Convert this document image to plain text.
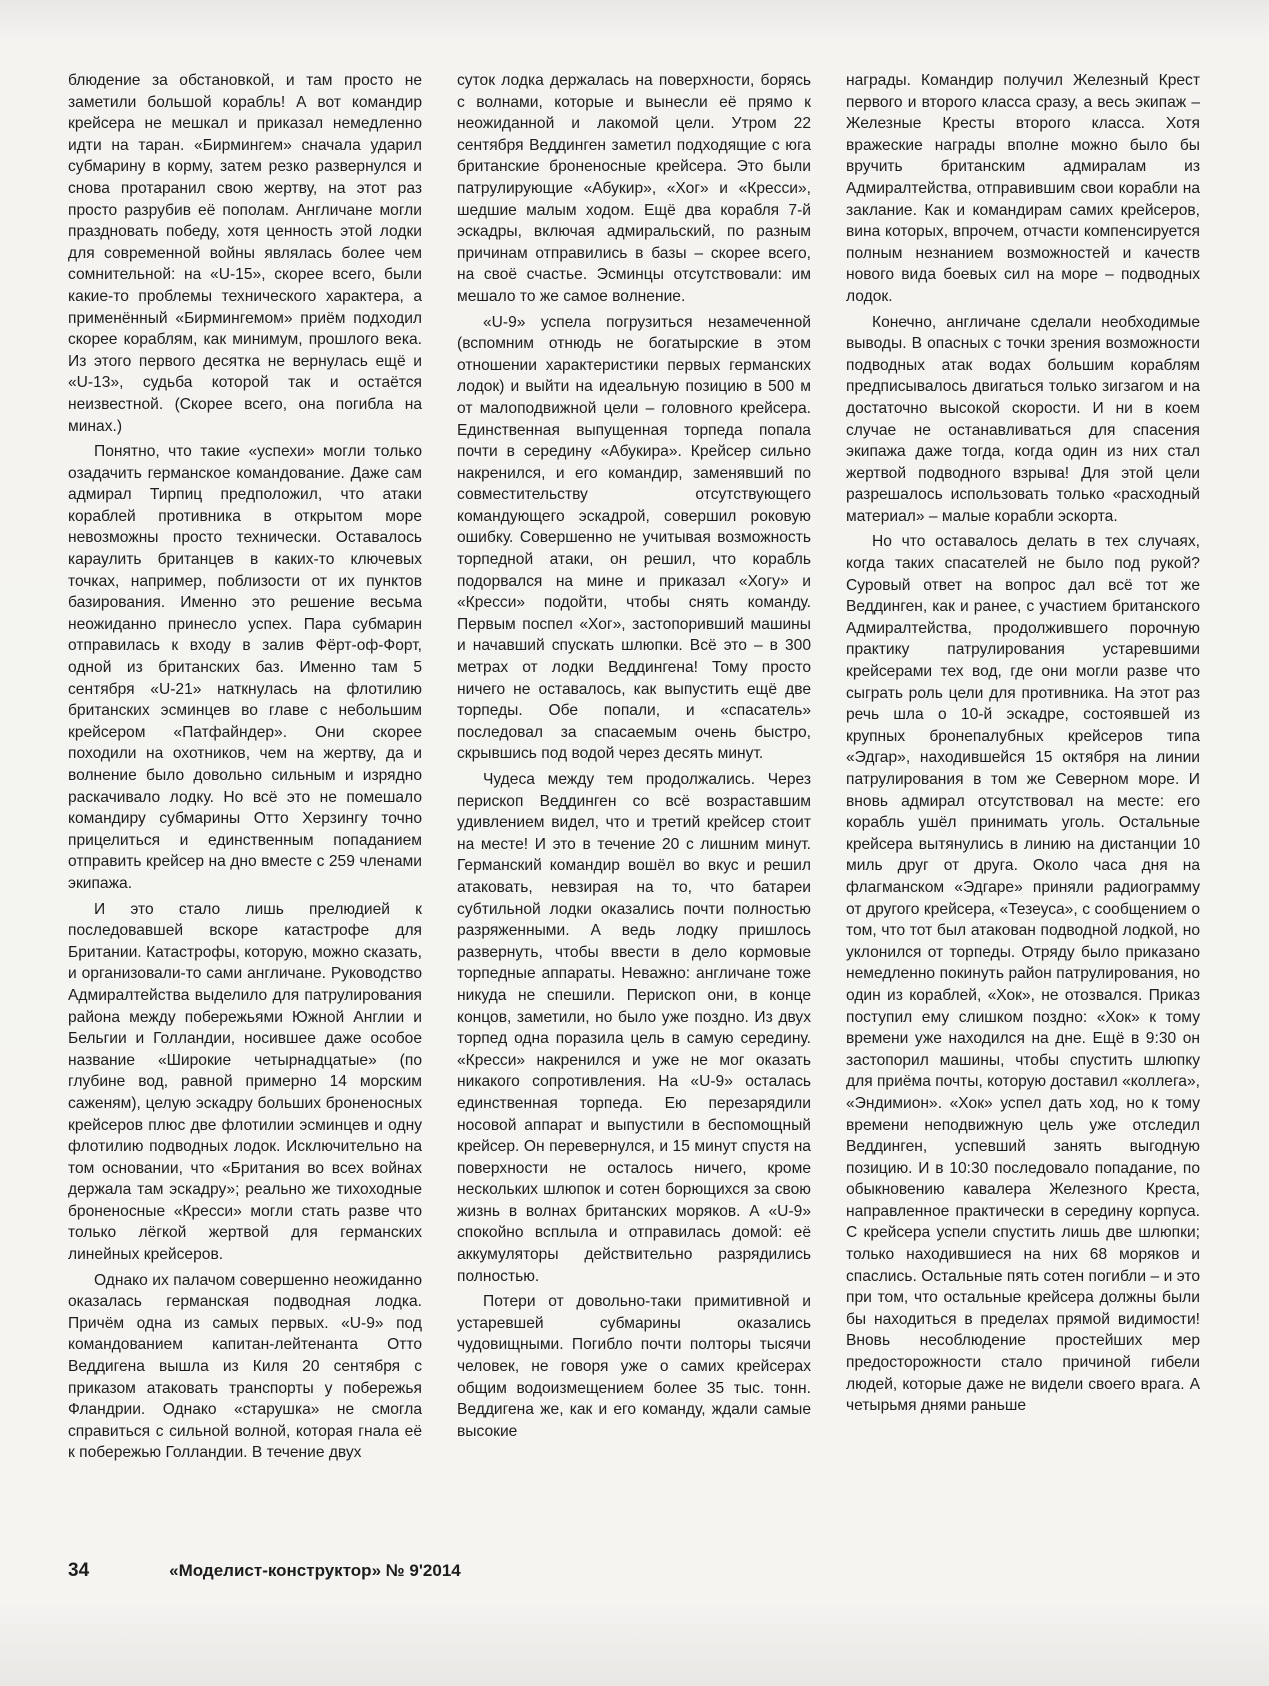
блюдение за обстановкой, и там просто не заметили большой корабль! А вот командир крейсера не мешкал и приказал немедленно идти на таран. «Бирмингем» сначала ударил субмарину в корму, затем резко развернулся и снова протаранил свою жертву, на этот раз просто разрубив её пополам. Англичане могли праздновать победу, хотя ценность этой лодки для современной войны являлась более чем сомнительной: на «U-15», скорее всего, были какие-то проблемы технического характера, а применённый «Бирмингемом» приём подходил скорее кораблям, как минимум, прошлого века. Из этого первого десятка не вернулась ещё и «U-13», судьба которой так и остаётся неизвестной. (Скорее всего, она погибла на минах.)

Понятно, что такие «успехи» могли только озадачить германское командование. Даже сам адмирал Тирпиц предположил, что атаки кораблей противника в открытом море невозможны просто технически. Оставалось караулить британцев в каких-то ключевых точках, например, поблизости от их пунктов базирования. Именно это решение весьма неожиданно принесло успех. Пара субмарин отправилась к входу в залив Фёрт-оф-Форт, одной из британских баз. Именно там 5 сентября «U-21» наткнулась на флотилию британских эсминцев во главе с небольшим крейсером «Патфайндер». Они скорее походили на охотников, чем на жертву, да и волнение было довольно сильным и изрядно раскачивало лодку. Но всё это не помешало командиру субмарины Отто Херзингу точно прицелиться и единственным попаданием отправить крейсер на дно вместе с 259 членами экипажа.

И это стало лишь прелюдией к последовавшей вскоре катастрофе для Британии. Катастрофы, которую, можно сказать, и организовали-то сами англичане. Руководство Адмиралтейства выделило для патрулирования района между побережьями Южной Англии и Бельгии и Голландии, носившее даже особое название «Широкие четырнадцатые» (по глубине вод, равной примерно 14 морским саженям), целую эскадру больших броненосных крейсеров плюс две флотилии эсминцев и одну флотилию подводных лодок. Исключительно на том основании, что «Британия во всех войнах держала там эскадру»; реально же тихоходные броненосные «Кресси» могли стать разве что только лёгкой жертвой для германских линейных крейсеров.

Однако их палачом совершенно неожиданно оказалась германская подводная лодка. Причём одна из самых первых. «U-9» под командованием капитан-лейтенанта Отто Веддигена вышла из Киля 20 сентября с приказом атаковать транспорты у побережья Фландрии. Однако «старушка» не смогла справиться с сильной волной, которая гнала её к побережью Голландии. В течение двух

суток лодка держалась на поверхности, борясь с волнами, которые и вынесли её прямо к неожиданной и лакомой цели. Утром 22 сентября Веддинген заметил подходящие с юга британские броненосные крейсера. Это были патрулирующие «Абукир», «Хог» и «Кресси», шедшие малым ходом. Ещё два корабля 7-й эскадры, включая адмиральский, по разным причинам отправились в базы – скорее всего, на своё счастье. Эсминцы отсутствовали: им мешало то же самое волнение.

«U-9» успела погрузиться незамеченной (вспомним отнюдь не богатырские в этом отношении характеристики первых германских лодок) и выйти на идеальную позицию в 500 м от малоподвижной цели – головного крейсера. Единственная выпущенная торпеда попала почти в середину «Абукира». Крейсер сильно накренился, и его командир, заменявший по совместительству отсутствующего командующего эскадрой, совершил роковую ошибку. Совершенно не учитывая возможность торпедной атаки, он решил, что корабль подорвался на мине и приказал «Хогу» и «Кресси» подойти, чтобы снять команду. Первым поспел «Хог», застопоривший машины и начавший спускать шлюпки. Всё это – в 300 метрах от лодки Веддингена! Тому просто ничего не оставалось, как выпустить ещё две торпеды. Обе попали, и «спасатель» последовал за спасаемым очень быстро, скрывшись под водой через десять минут.

Чудеса между тем продолжались. Через перископ Веддинген со всё возраставшим удивлением видел, что и третий крейсер стоит на месте! И это в течение 20 с лишним минут. Германский командир вошёл во вкус и решил атаковать, невзирая на то, что батареи субтильной лодки оказались почти полностью разряженными. А ведь лодку пришлось развернуть, чтобы ввести в дело кормовые торпедные аппараты. Неважно: англичане тоже никуда не спешили. Перископ они, в конце концов, заметили, но было уже поздно. Из двух торпед одна поразила цель в самую середину. «Кресси» накренился и уже не мог оказать никакого сопротивления. На «U-9» осталась единственная торпеда. Ею перезарядили носовой аппарат и выпустили в беспомощный крейсер. Он перевернулся, и 15 минут спустя на поверхности не осталось ничего, кроме нескольких шлюпок и сотен борющихся за свою жизнь в волнах британских моряков. А «U-9» спокойно всплыла и отправилась домой: её аккумуляторы действительно разрядились полностью.

Потери от довольно-таки примитивной и устаревшей субмарины оказались чудовищными. Погибло почти полторы тысячи человек, не говоря уже о самих крейсерах общим водоизмещением более 35 тыс. тонн. Веддигена же, как и его команду, ждали самые высокие

награды. Командир получил Железный Крест первого и второго класса сразу, а весь экипаж – Железные Кресты второго класса. Хотя вражеские награды вполне можно было бы вручить британским адмиралам из Адмиралтейства, отправившим свои корабли на заклание. Как и командирам самих крейсеров, вина которых, впрочем, отчасти компенсируется полным незнанием возможностей и качеств нового вида боевых сил на море – подводных лодок.

Конечно, англичане сделали необходимые выводы. В опасных с точки зрения возможности подводных атак водах большим кораблям предписывалось двигаться только зигзагом и на достаточно высокой скорости. И ни в коем случае не останавливаться для спасения экипажа даже тогда, когда один из них стал жертвой подводного взрыва! Для этой цели разрешалось использовать только «расходный материал» – малые корабли эскорта.

Но что оставалось делать в тех случаях, когда таких спасателей не было под рукой? Суровый ответ на вопрос дал всё тот же Веддинген, как и ранее, с участием британского Адмиралтейства, продолжившего порочную практику патрулирования устаревшими крейсерами тех вод, где они могли разве что сыграть роль цели для противника. На этот раз речь шла о 10-й эскадре, состоявшей из крупных бронепалубных крейсеров типа «Эдгар», находившейся 15 октября на линии патрулирования в том же Северном море. И вновь адмирал отсутствовал на месте: его корабль ушёл принимать уголь. Остальные крейсера вытянулись в линию на дистанции 10 миль друг от друга. Около часа дня на флагманском «Эдгаре» приняли радиограмму от другого крейсера, «Тезеуса», с сообщением о том, что тот был атакован подводной лодкой, но уклонился от торпеды. Отряду было приказано немедленно покинуть район патрулирования, но один из кораблей, «Хок», не отозвался. Приказ поступил ему слишком поздно: «Хок» к тому времени уже находился на дне. Ещё в 9:30 он застопорил машины, чтобы спустить шлюпку для приёма почты, которую доставил «коллега», «Эндимион». «Хок» успел дать ход, но к тому времени неподвижную цель уже отследил Веддинген, успевший занять выгодную позицию. И в 10:30 последовало попадание, по обыкновению кавалера Железного Креста, направленное практически в середину корпуса. С крейсера успели спустить лишь две шлюпки; только находившиеся на них 68 моряков и спаслись. Остальные пять сотен погибли – и это при том, что остальные крейсера должны были бы находиться в пределах прямой видимости! Вновь несоблюдение простейших мер предосторожности стало причиной гибели людей, которые даже не видели своего врага. А четырьмя днями раньше

34	«Моделист-конструктор» № 9'2014
